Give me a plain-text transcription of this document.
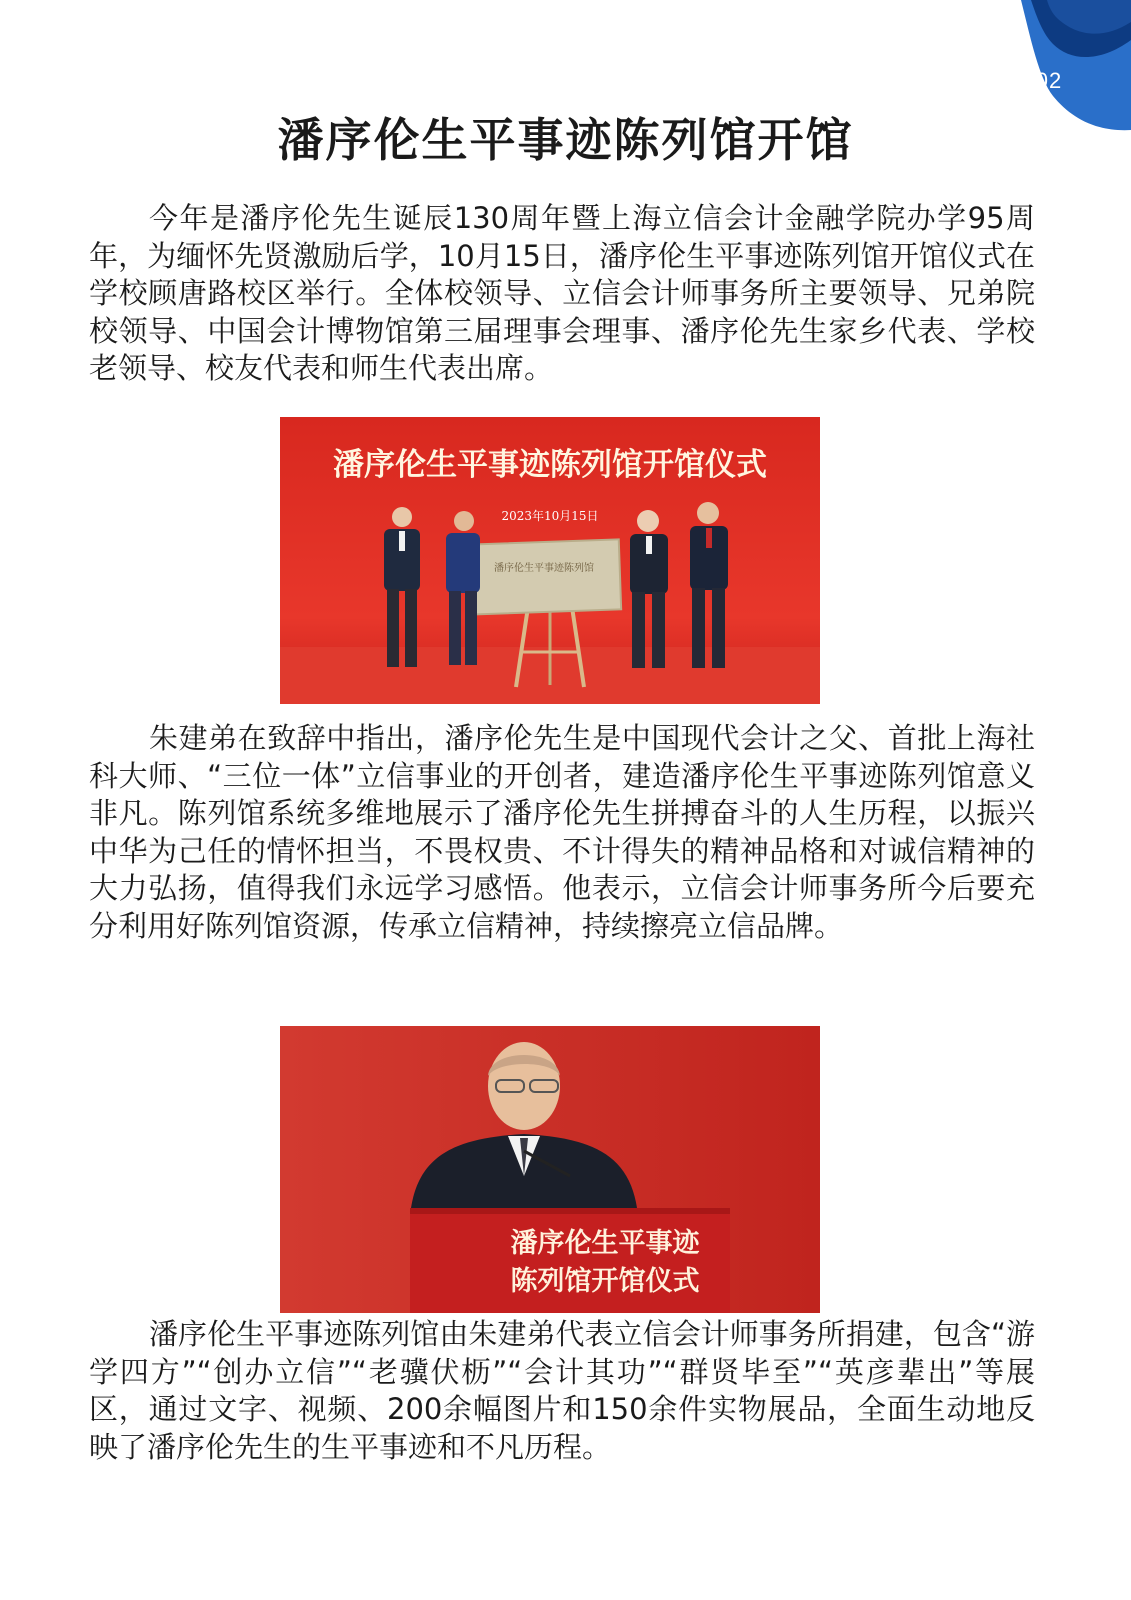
02
潘序伦生平事迹陈列馆开馆

今年是潘序伦先生诞辰130周年暨上海立信会计金融学院办学95周年，为缅怀先贤激励后学，10月15日，潘序伦生平事迹陈列馆开馆仪式在学校顾唐路校区举行。全体校领导、立信会计师事务所主要领导、兄弟院校领导、中国会计博物馆第三届理事会理事、潘序伦先生家乡代表、学校老领导、校友代表和师生代表出席。

潘序伦生平事迹陈列馆开馆仪式
2023年10月15日
潘序伦生平事迹陈列馆

朱建弟在致辞中指出，潘序伦先生是中国现代会计之父、首批上海社科大师、“三位一体”立信事业的开创者，建造潘序伦生平事迹陈列馆意义非凡。陈列馆系统多维地展示了潘序伦先生拼搏奋斗的人生历程，以振兴中华为己任的情怀担当，不畏权贵、不计得失的精神品格和对诚信精神的大力弘扬，值得我们永远学习感悟。他表示，立信会计师事务所今后要充分利用好陈列馆资源，传承立信精神，持续擦亮立信品牌。

潘序伦生平事迹
陈列馆开馆仪式

潘序伦生平事迹陈列馆由朱建弟代表立信会计师事务所捐建，包含“游学四方”“创办立信”“老骥伏枥”“会计其功”“群贤毕至”“英彦辈出”等展区，通过文字、视频、200余幅图片和150余件实物展品，全面生动地反映了潘序伦先生的生平事迹和不凡历程。
